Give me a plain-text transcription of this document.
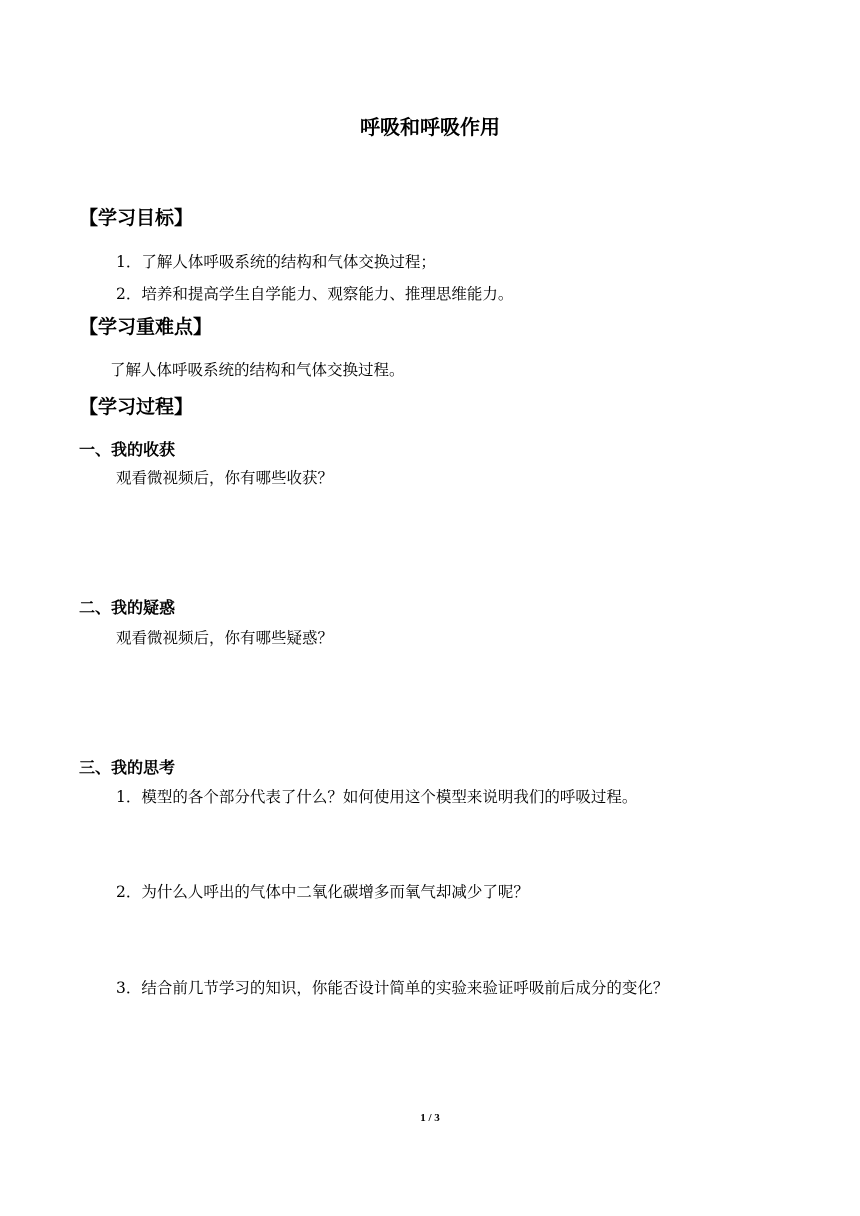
呼吸和呼吸作用
【学习目标】
1．了解人体呼吸系统的结构和气体交换过程；
2．培养和提高学生自学能力、观察能力、推理思维能力。
【学习重难点】
了解人体呼吸系统的结构和气体交换过程。
【学习过程】
一、我的收获
观看微视频后，你有哪些收获？
二、我的疑惑
观看微视频后，你有哪些疑惑？
三、我的思考
1．模型的各个部分代表了什么？如何使用这个模型来说明我们的呼吸过程。
2．为什么人呼出的气体中二氧化碳增多而氧气却减少了呢？
3．结合前几节学习的知识，你能否设计简单的实验来验证呼吸前后成分的变化？
1 / 3
